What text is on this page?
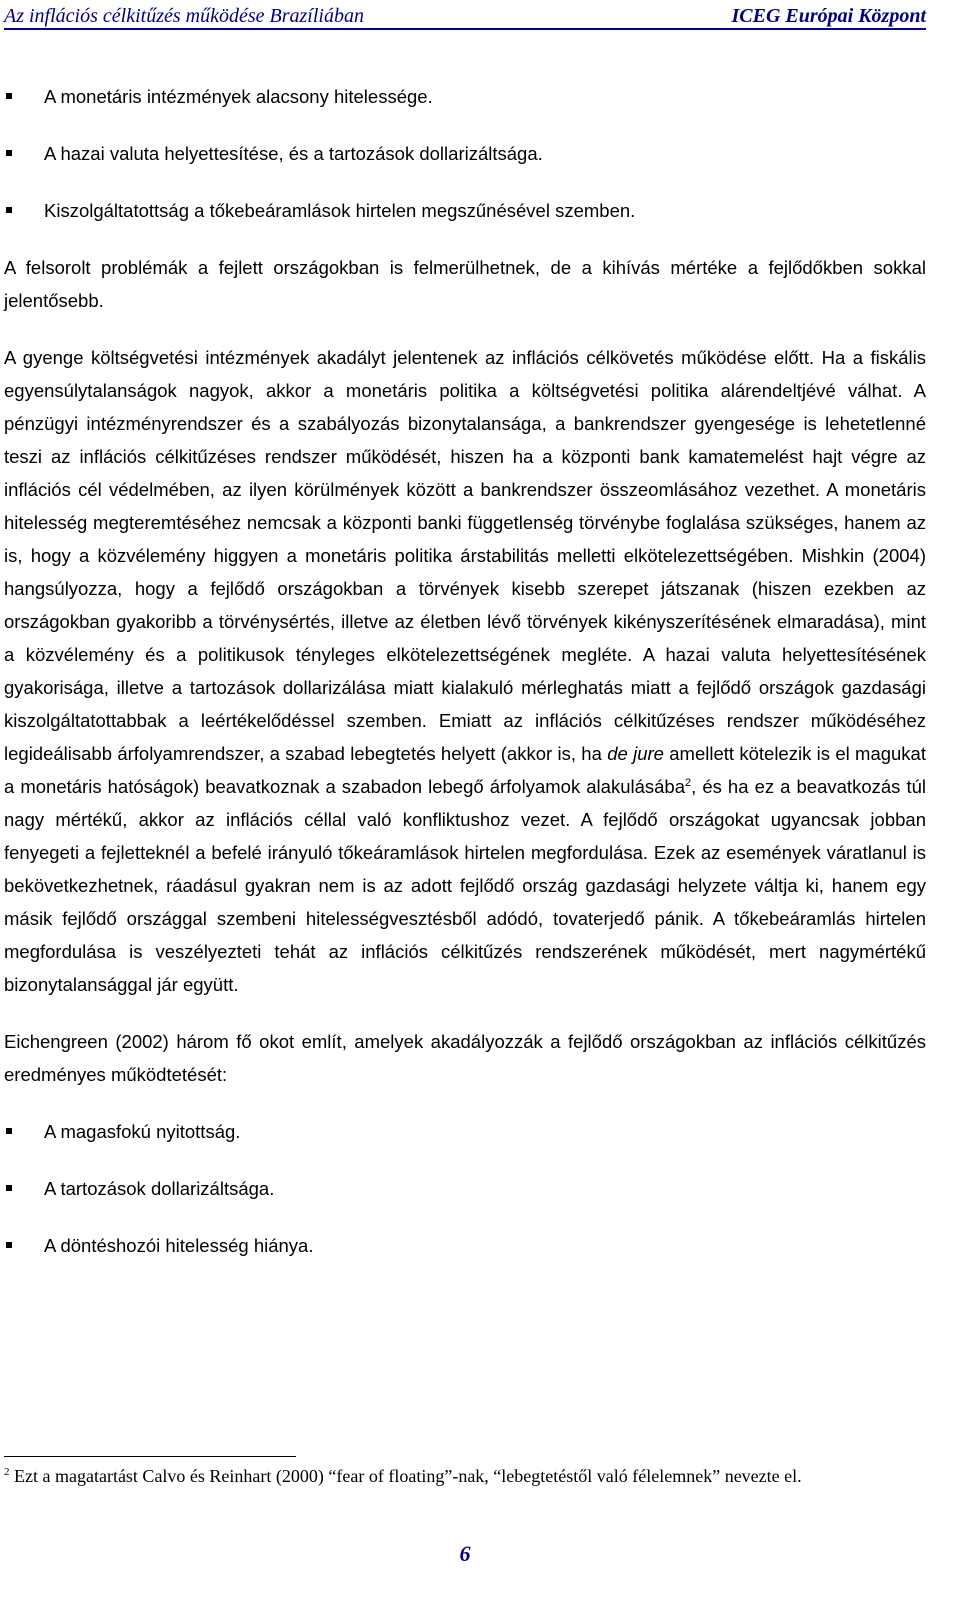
Az inflációs célkitűzés működése Brazíliában	ICEG Európai Központ
A monetáris intézmények alacsony hitelessége.
A hazai valuta helyettesítése, és a tartozások dollarizáltsága.
Kiszolgáltatottság a tőkebeáramlások hirtelen megszűnésével szemben.

A felsorolt problémák a fejlett országokban is felmerülhetnek, de a kihívás mértéke a fejlődőkben sokkal jelentősebb.

A gyenge költségvetési intézmények akadályt jelentenek az inflációs célkövetés működése előtt. Ha a fiskális egyensúlytalanságok nagyok, akkor a monetáris politika a költségvetési politika alárendeltjévé válhat. A pénzügyi intézményrendszer és a szabályozás bizonytalansága, a bankrendszer gyengesége is lehetetlenné teszi az inflációs célkitűzéses rendszer működését, hiszen ha a központi bank kamatemelést hajt végre az inflációs cél védelmében, az ilyen körülmények között a bankrendszer összeomlásához vezethet. A monetáris hitelesség megteremtéséhez nemcsak a központi banki függetlenség törvénybe foglalása szükséges, hanem az is, hogy a közvélemény higgyen a monetáris politika árstabilitás melletti elkötelezettségében. Mishkin (2004) hangsúlyozza, hogy a fejlődő országokban a törvények kisebb szerepet játszanak (hiszen ezekben az országokban gyakoribb a törvénysértés, illetve az életben lévő törvények kikényszerítésének elmaradása), mint a közvélemény és a politikusok tényleges elkötelezettségének megléte. A hazai valuta helyettesítésének gyakorisága, illetve a tartozások dollarizálása miatt kialakuló mérleghatás miatt a fejlődő országok gazdasági kiszolgáltatottabbak a leértékelődéssel szemben. Emiatt az inflációs célkitűzéses rendszer működéséhez legideálisabb árfolyamrendszer, a szabad lebegtetés helyett (akkor is, ha de jure amellett kötelezik is el magukat a monetáris hatóságok) beavatkoznak a szabadon lebegő árfolyamok alakulásába$^2$, és ha ez a beavatkozás túl nagy mértékű, akkor az inflációs céllal való konfliktushoz vezet. A fejlődő országokat ugyancsak jobban fenyegeti a fejletteknél a befelé irányuló tőkeáramlások hirtelen megfordulása. Ezek az események váratlanul is bekövetkezhetnek, ráadásul gyakran nem is az adott fejlődő ország gazdasági helyzete váltja ki, hanem egy másik fejlődő országgal szembeni hitelességvesztésből adódó, tovaterjedő pánik. A tőkebeáramlás hirtelen megfordulása is veszélyezteti tehát az inflációs célkitűzés rendszerének működését, mert nagymértékű bizonytalansággal jár együtt.

Eichengreen (2002) három fő okot említ, amelyek akadályozzák a fejlődő országokban az inflációs célkitűzés eredményes működtetését:

A magasfokú nyitottság.
A tartozások dollarizáltsága.
A döntéshozói hitelesség hiánya.
$^2$ Ezt a magatartást Calvo és Reinhart (2000) “fear of floating”-nak, “lebegtetéstől való félelemnek” nevezte el.
6
